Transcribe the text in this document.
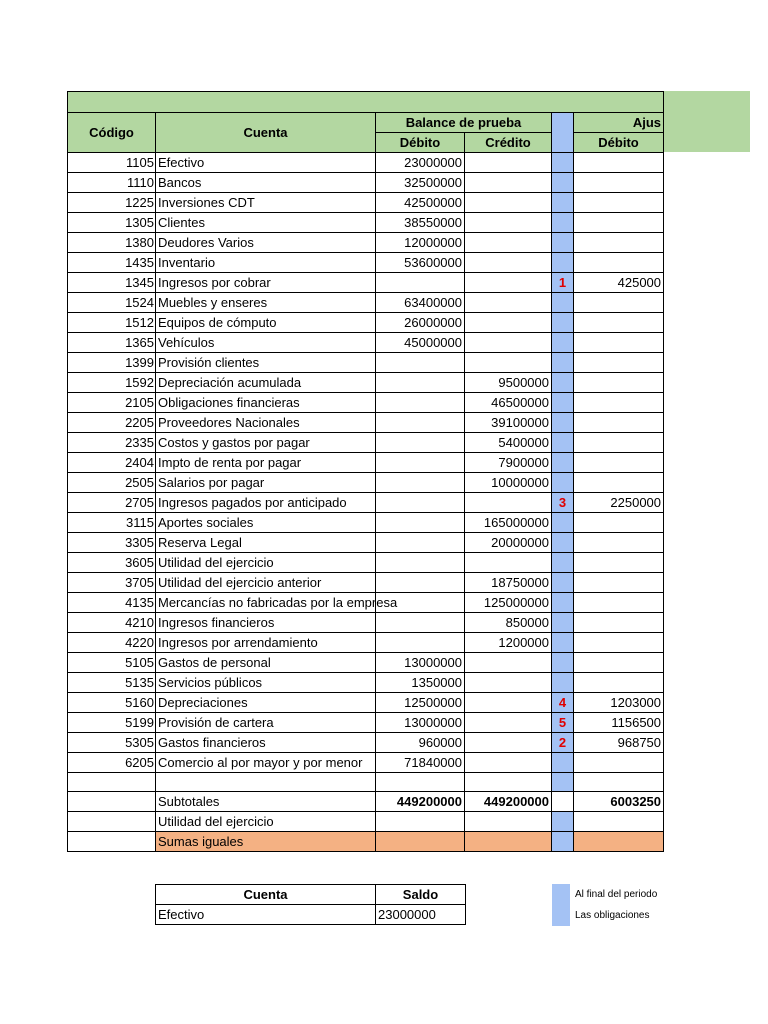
Código	Cuenta	Balance de prueba			Ajus
		Débito	Crédito		Débito
1105	Efectivo	23000000			
1110	Bancos	32500000			
1225	Inversiones CDT	42500000			
1305	Clientes	38550000			
1380	Deudores Varios	12000000			
1435	Inventario	53600000			
1345	Ingresos por cobrar			1	425000
1524	Muebles y enseres	63400000			
1512	Equipos de cómputo	26000000			
1365	Vehículos	45000000			
1399	Provisión clientes				
1592	Depreciación acumulada		9500000		
2105	Obligaciones financieras		46500000		
2205	Proveedores Nacionales		39100000		
2335	Costos y gastos por pagar		5400000		
2404	Impto de renta por pagar		7900000		
2505	Salarios por pagar		10000000		
2705	Ingresos pagados por anticipado			3	2250000
3115	Aportes sociales		165000000		
3305	Reserva Legal		20000000		
3605	Utilidad del ejercicio				
3705	Utilidad del ejercicio anterior		18750000		
4135	Mercancías no fabricadas por la empresa		125000000		
4210	Ingresos financieros		850000		
4220	Ingresos por arrendamiento		1200000		
5105	Gastos de personal	13000000			
5135	Servicios públicos	1350000			
5160	Depreciaciones	12500000		4	1203000
5199	Provisión de cartera	13000000		5	1156500
5305	Gastos financieros	960000		2	968750
6205	Comercio al por mayor y por menor	71840000			

	Subtotales	449200000	449200000		6003250
	Utilidad del ejercicio				
	Sumas iguales				
Cuenta	Saldo
Efectivo	23000000
Al final del periodo
Las obligaciones
